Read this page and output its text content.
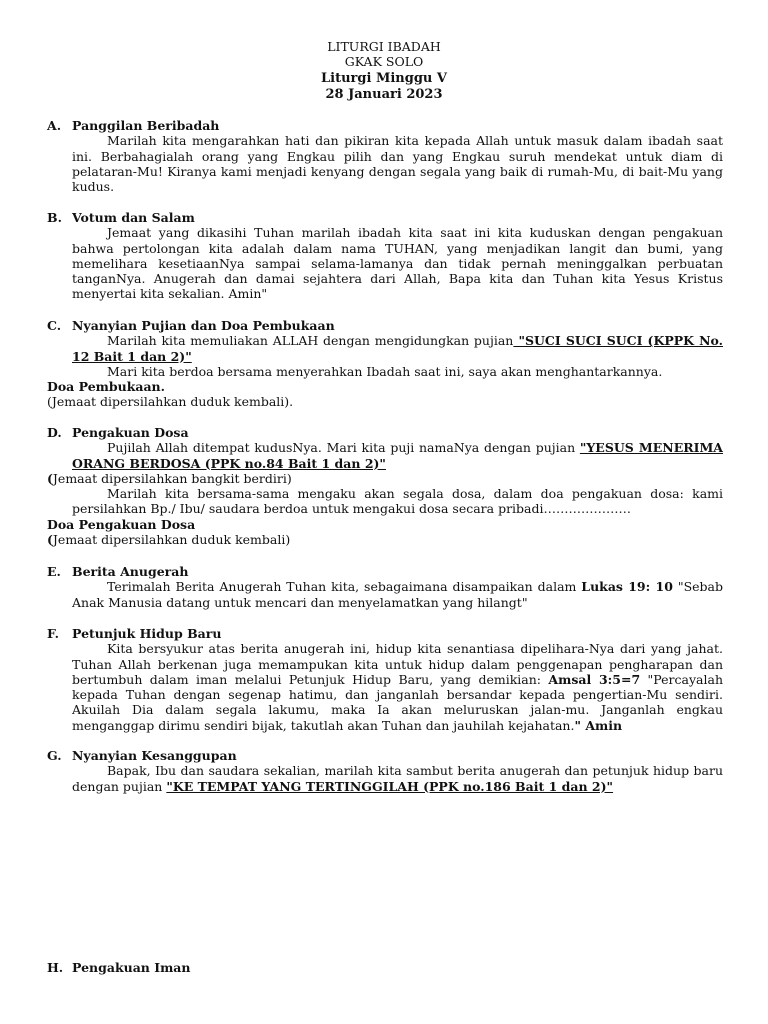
LITURGI IBADAH
GKAK SOLO
Liturgi Minggu V
28 Januari 2023
A. Panggilan Beribadah

Marilah kita mengarahkan hati dan pikiran kita kepada Allah untuk masuk dalam ibadah saat ini. Berbahagialah orang yang Engkau pilih dan yang Engkau suruh mendekat untuk diam di pelataran-Mu! Kiranya kami menjadi kenyang dengan segala yang baik di rumah-Mu, di bait-Mu yang kudus.

B. Votum dan Salam

Jemaat yang dikasihi Tuhan marilah ibadah kita saat ini kita kuduskan dengan pengakuan bahwa pertolongan kita adalah dalam nama TUHAN, yang menjadikan langit dan bumi, yang memelihara kesetiaanNya sampai selama-lamanya dan tidak pernah meninggalkan perbuatan tanganNya. Anugerah dan damai sejahtera dari Allah, Bapa kita dan Tuhan kita Yesus Kristus menyertai kita sekalian. Amin"

C. Nyanyian Pujian dan Doa Pembukaan

Marilah kita memuliakan ALLAH dengan mengidungkan pujian "SUCI SUCI SUCI (KPPK No. 12 Bait 1 dan 2)"

Mari kita berdoa bersama menyerahkan Ibadah saat ini, saya akan menghantarkannya.

Doa Pembukaan.

(Jemaat dipersilahkan duduk kembali).

D. Pengakuan Dosa

Pujilah Allah ditempat kudusNya. Mari kita puji namaNya dengan pujian "YESUS MENERIMA ORANG BERDOSA (PPK no.84 Bait 1 dan 2)"

(Jemaat dipersilahkan bangkit berdiri)

Marilah kita bersama-sama mengaku akan segala dosa, dalam doa pengakuan dosa: kami persilahkan Bp./ Ibu/ saudara berdoa untuk mengakui dosa secara pribadi…………………

Doa Pengakuan Dosa

(Jemaat dipersilahkan duduk kembali)

E. Berita Anugerah

Terimalah Berita Anugerah Tuhan kita, sebagaimana disampaikan dalam Lukas 19: 10 "Sebab Anak Manusia datang untuk mencari dan menyelamatkan yang hilangt"

F. Petunjuk Hidup Baru

Kita bersyukur atas berita anugerah ini, hidup kita senantiasa dipelihara-Nya dari yang jahat. Tuhan Allah berkenan juga memampukan kita untuk hidup dalam penggenapan pengharapan dan bertumbuh dalam iman melalui Petunjuk Hidup Baru, yang demikian: Amsal 3:5=7 "Percayalah kepada Tuhan dengan segenap hatimu, dan janganlah bersandar kepada pengertian-Mu sendiri. Akuilah Dia dalam segala lakumu, maka Ia akan meluruskan jalan-mu. Janganlah engkau menganggap dirimu sendiri bijak, takutlah akan Tuhan dan jauhilah kejahatan." Amin

G. Nyanyian Kesanggupan

Bapak, Ibu dan saudara sekalian, marilah kita sambut berita anugerah dan petunjuk hidup baru dengan pujian "KE TEMPAT YANG TERTINGGILAH (PPK no.186 Bait 1 dan 2)"

H. Pengakuan Iman
